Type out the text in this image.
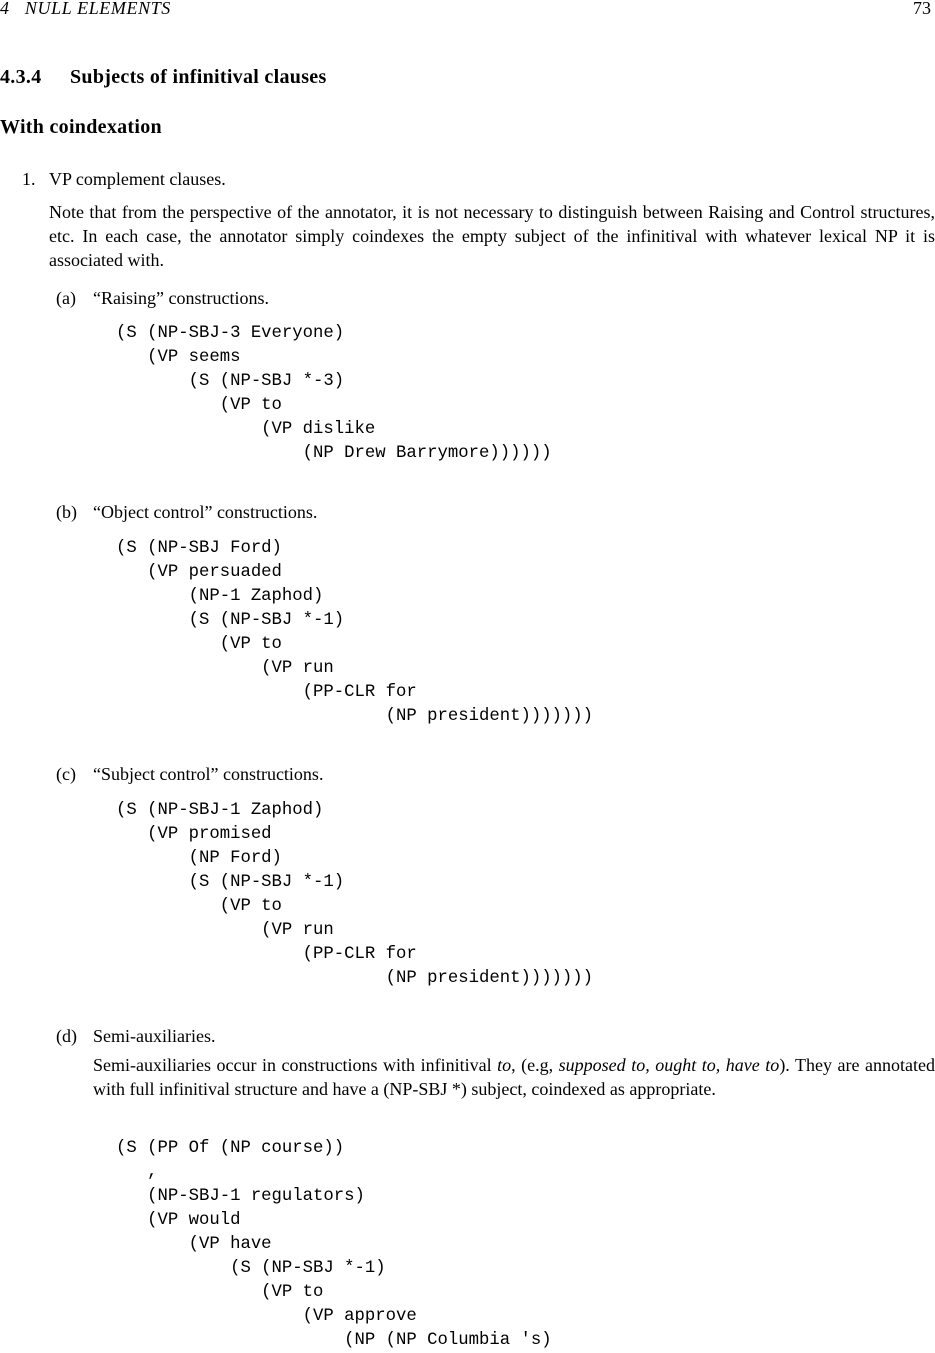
4   NULL ELEMENTS	73
4.3.4 Subjects of infinitival clauses
With coindexation
1. VP complement clauses.
Note that from the perspective of the annotator, it is not necessary to distinguish between Raising and Control structures, etc. In each case, the annotator simply coindexes the empty subject of the infinitival with whatever lexical NP it is associated with.
(a) “Raising” constructions.
(S (NP-SBJ-3 Everyone)
(VP seems
(S (NP-SBJ *-3)
(VP to
(VP dislike
(NP Drew Barrymore))))))
(b) “Object control” constructions.
(S (NP-SBJ Ford)
(VP persuaded
(NP-1 Zaphod)
(S (NP-SBJ *-1)
(VP to
(VP run
(PP-CLR for
(NP president)))))))
(c) “Subject control” constructions.
(S (NP-SBJ-1 Zaphod)
(VP promised
(NP Ford)
(S (NP-SBJ *-1)
(VP to
(VP run
(PP-CLR for
(NP president)))))))
(d) Semi-auxiliaries.
Semi-auxiliaries occur in constructions with infinitival to, (e.g, supposed to, ought to, have to). They are annotated with full infinitival structure and have a (NP-SBJ *) subject, coindexed as appropriate.
(S (PP Of (NP course))
,
(NP-SBJ-1 regulators)
(VP would
(VP have
(S (NP-SBJ *-1)
(VP to
(VP approve
(NP (NP Columbia 's)
